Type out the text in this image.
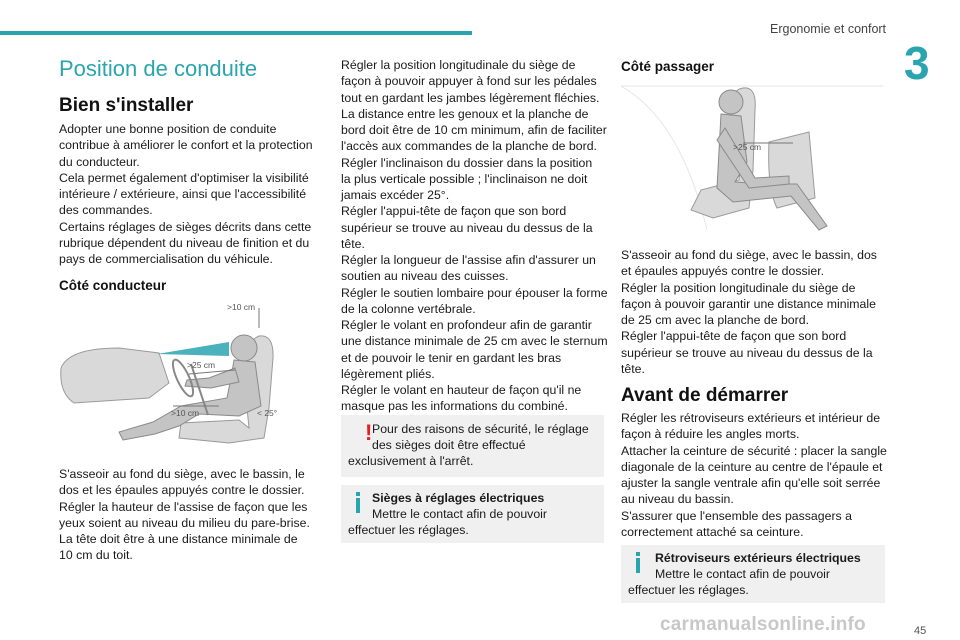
Ergonomie et confort
3
Position de conduite
Bien s'installer
Adopter une bonne position de conduite
contribue à améliorer le confort et la protection
du conducteur.
Cela permet également d'optimiser la visibilité
intérieure / extérieure, ainsi que l'accessibilité
des commandes.
Certains réglages de sièges décrits dans cette
rubrique dépendent du niveau de finition et du
pays de commercialisation du véhicule.
Côté conducteur
>10 cm
>25 cm
>10 cm	< 25°
S'asseoir au fond du siège, avec le bassin, le
dos et les épaules appuyés contre le dossier.
Régler la hauteur de l'assise de façon que les
yeux soient au niveau du milieu du pare-brise.
La tête doit être à une distance minimale de
10 cm du toit.
Régler la position longitudinale du siège de
façon à pouvoir appuyer à fond sur les pédales
tout en gardant les jambes légèrement fléchies.
La distance entre les genoux et la planche de
bord doit être de 10 cm minimum, afin de faciliter
l'accès aux commandes de la planche de bord.
Régler l'inclinaison du dossier dans la position
la plus verticale possible ; l'inclinaison ne doit
jamais excéder 25°.
Régler l'appui-tête de façon que son bord
supérieur se trouve au niveau du dessus de la
tête.
Régler la longueur de l'assise afin d'assurer un
soutien au niveau des cuisses.
Régler le soutien lombaire pour épouser la forme
de la colonne vertébrale.
Régler le volant en profondeur afin de garantir
une distance minimale de 25 cm avec le sternum
et de pouvoir le tenir en gardant les bras
légèrement pliés.
Régler le volant en hauteur de façon qu'il ne
masque pas les informations du combiné.
! Pour des raisons de sécurité, le réglage
des sièges doit être effectué
exclusivement à l'arrêt.
Sièges à réglages électriques
Mettre le contact afin de pouvoir
effectuer les réglages.
Côté passager
>25 cm
S'asseoir au fond du siège, avec le bassin, dos
et épaules appuyés contre le dossier.
Régler la position longitudinale du siège de
façon à pouvoir garantir une distance minimale
de 25 cm avec la planche de bord.
Régler l'appui-tête de façon que son bord
supérieur se trouve au niveau du dessus de la
tête.
Avant de démarrer
Régler les rétroviseurs extérieurs et intérieur de
façon à réduire les angles morts.
Attacher la ceinture de sécurité : placer la sangle
diagonale de la ceinture au centre de l'épaule et
ajuster la sangle ventrale afin qu'elle soit serrée
au niveau du bassin.
S'assurer que l'ensemble des passagers a
correctement attaché sa ceinture.
Rétroviseurs extérieurs électriques
Mettre le contact afin de pouvoir
effectuer les réglages.
carmanualsonline.info	45
